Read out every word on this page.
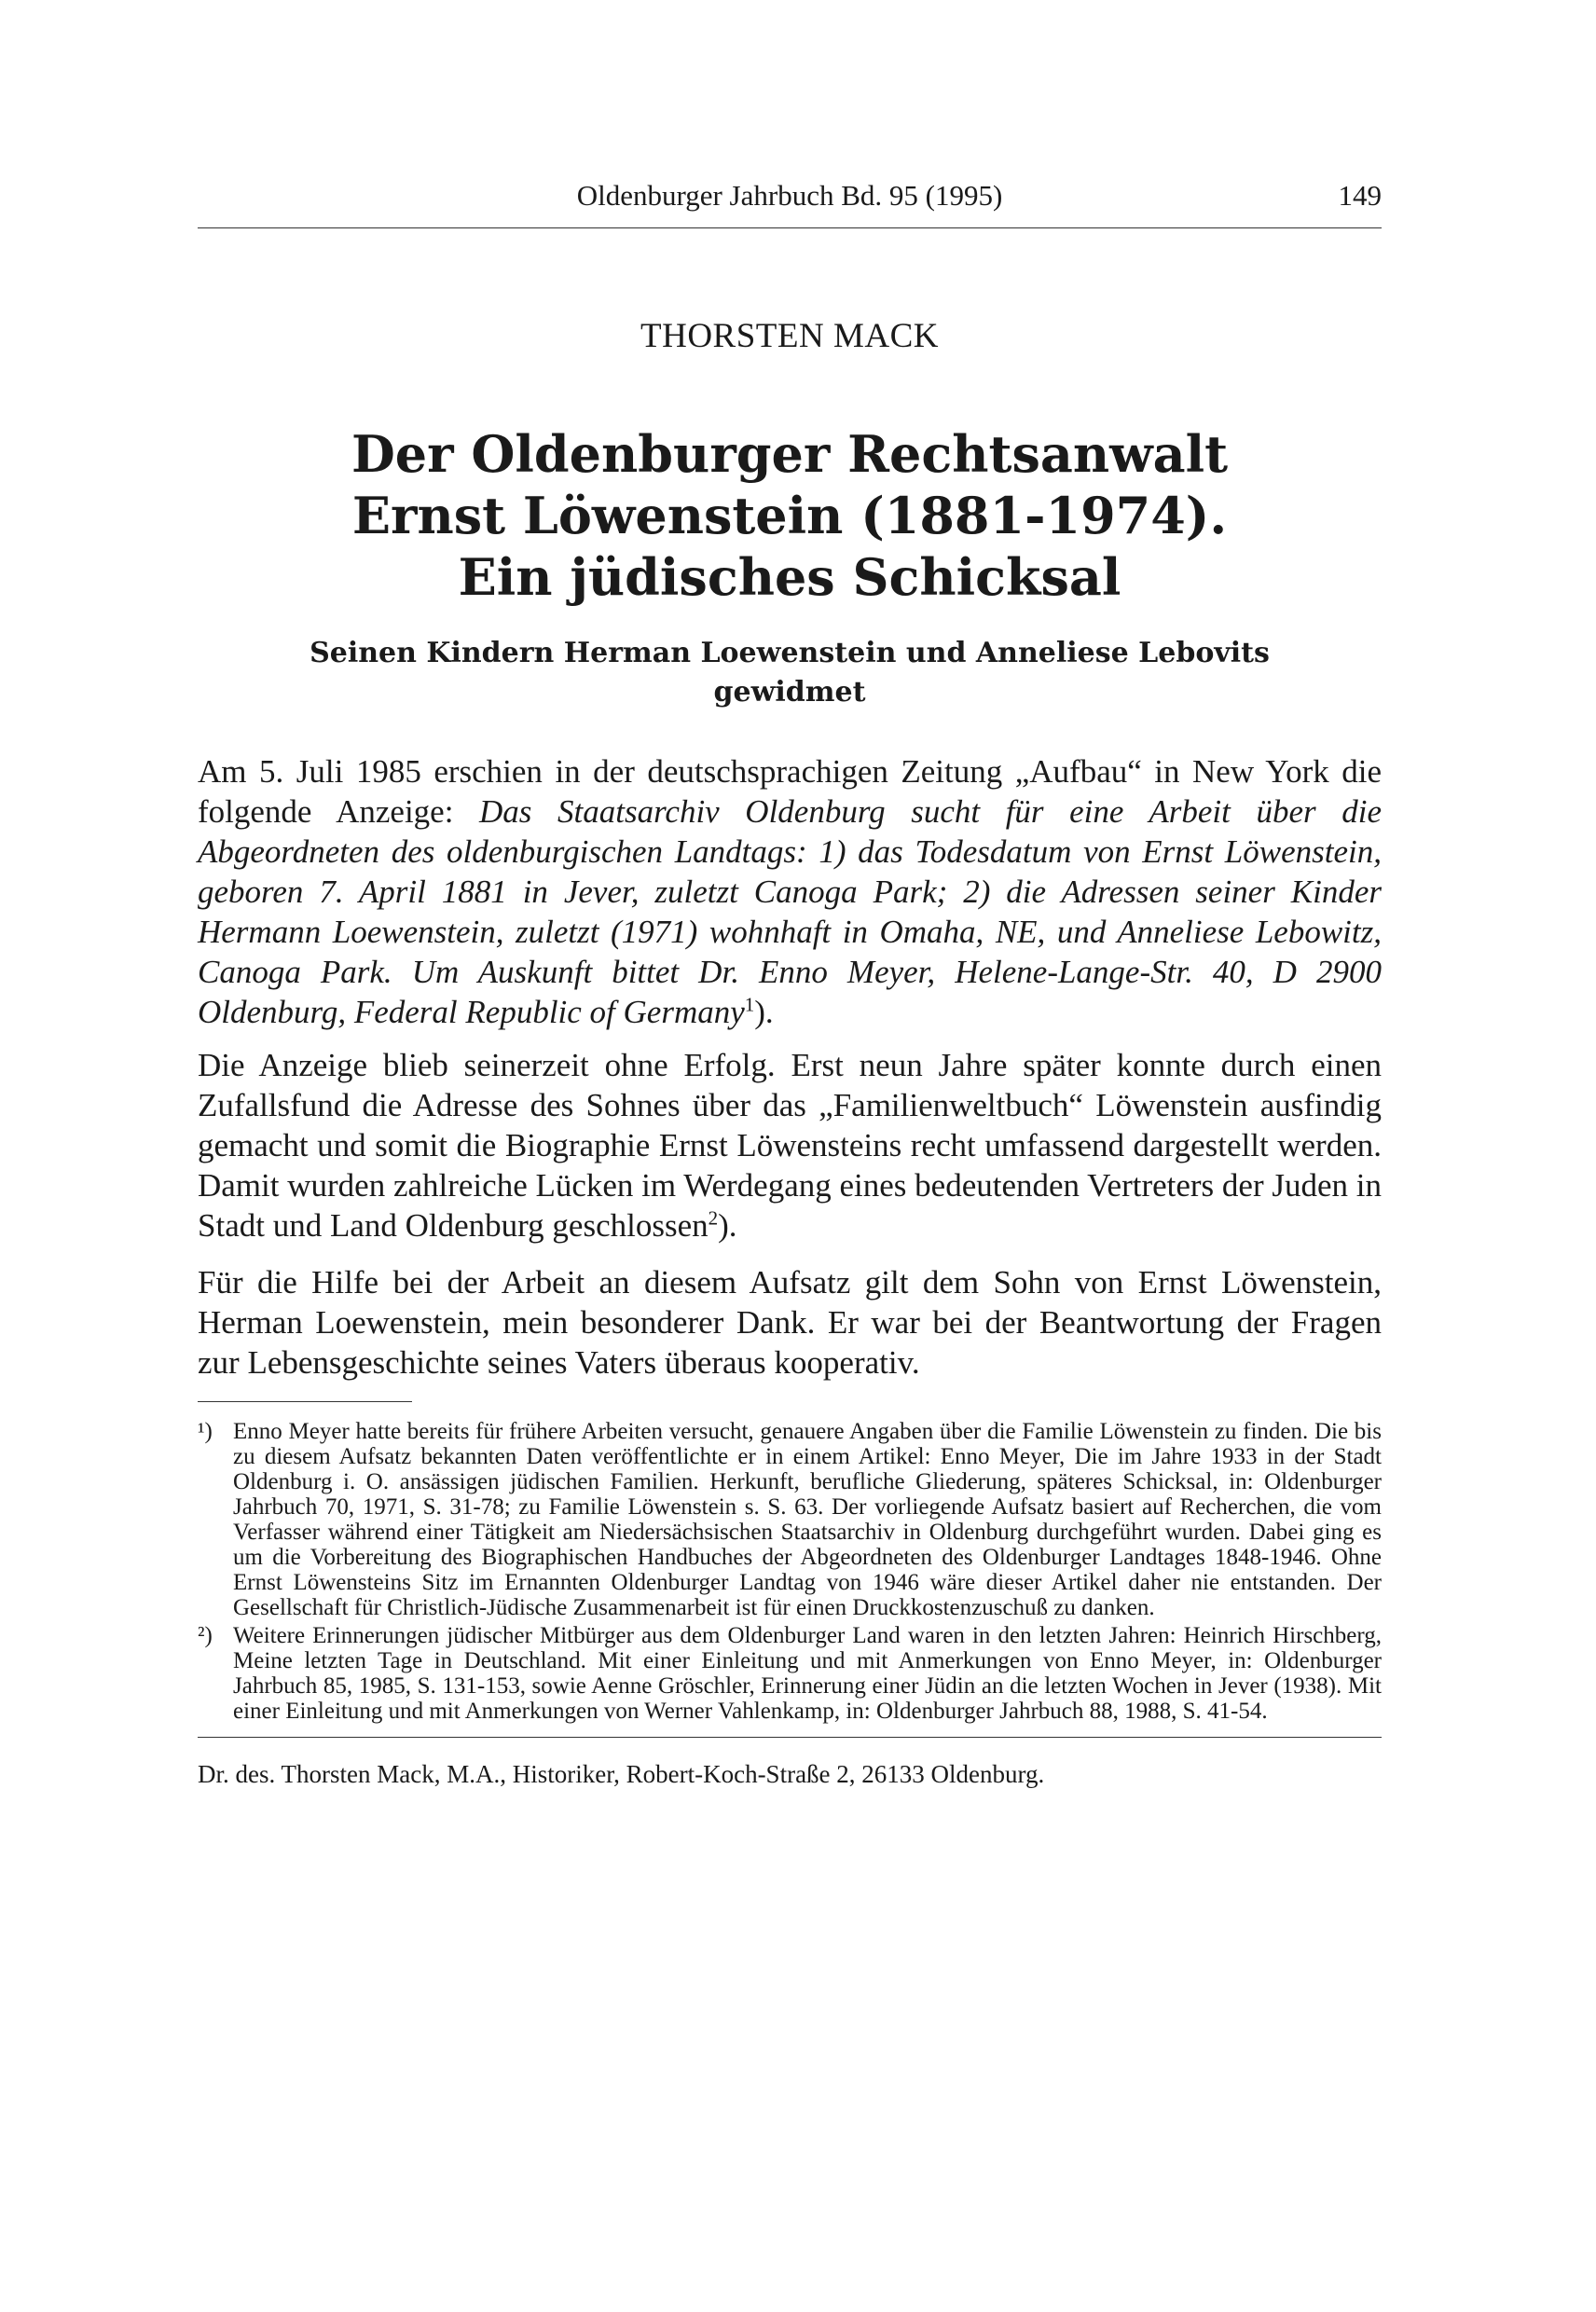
Oldenburger Jahrbuch Bd. 95 (1995)	149
THORSTEN MACK
Der Oldenburger Rechtsanwalt
Ernst Löwenstein (1881-1974).
Ein jüdisches Schicksal
Seinen Kindern Herman Loewenstein und Anneliese Lebovits
gewidmet

Am 5. Juli 1985 erschien in der deutschsprachigen Zeitung „Aufbau“ in New York die folgende Anzeige: Das Staatsarchiv Oldenburg sucht für eine Arbeit über die Abgeordneten des oldenburgischen Landtags: 1) das Todesdatum von Ernst Löwenstein, geboren 7. April 1881 in Jever, zuletzt Canoga Park; 2) die Adressen seiner Kinder Hermann Loewenstein, zuletzt (1971) wohnhaft in Omaha, NE, und Anneliese Lebowitz, Canoga Park. Um Auskunft bittet Dr. Enno Meyer, Helene-Lange-Str. 40, D 2900 Oldenburg, Federal Republic of Germany$^1$).

Die Anzeige blieb seinerzeit ohne Erfolg. Erst neun Jahre später konnte durch einen Zufallsfund die Adresse des Sohnes über das „Familienweltbuch“ Löwenstein ausfindig gemacht und somit die Biographie Ernst Löwensteins recht umfassend dargestellt werden. Damit wurden zahlreiche Lücken im Werdegang eines bedeutenden Vertreters der Juden in Stadt und Land Oldenburg geschlossen$^2$).

Für die Hilfe bei der Arbeit an diesem Aufsatz gilt dem Sohn von Ernst Löwenstein, Herman Loewenstein, mein besonderer Dank. Er war bei der Beantwortung der Fragen zur Lebensgeschichte seines Vaters überaus kooperativ.

¹) Enno Meyer hatte bereits für frühere Arbeiten versucht, genauere Angaben über die Familie Löwenstein zu finden. Die bis zu diesem Aufsatz bekannten Daten veröffentlichte er in einem Artikel: Enno Meyer, Die im Jahre 1933 in der Stadt Oldenburg i. O. ansässigen jüdischen Familien. Herkunft, berufliche Gliederung, späteres Schicksal, in: Oldenburger Jahrbuch 70, 1971, S. 31-78; zu Familie Löwenstein s. S. 63. Der vorliegende Aufsatz basiert auf Recherchen, die vom Verfasser während einer Tätigkeit am Niedersächsischen Staatsarchiv in Oldenburg durchgeführt wurden. Dabei ging es um die Vorbereitung des Biographischen Handbuches der Abgeordneten des Oldenburger Landtages 1848-1946. Ohne Ernst Löwensteins Sitz im Ernannten Oldenburger Landtag von 1946 wäre dieser Artikel daher nie entstanden. Der Gesellschaft für Christlich-Jüdische Zusammenarbeit ist für einen Druckkostenzuschuß zu danken.
²) Weitere Erinnerungen jüdischer Mitbürger aus dem Oldenburger Land waren in den letzten Jahren: Heinrich Hirschberg, Meine letzten Tage in Deutschland. Mit einer Einleitung und mit Anmerkungen von Enno Meyer, in: Oldenburger Jahrbuch 85, 1985, S. 131-153, sowie Aenne Gröschler, Erinnerung einer Jüdin an die letzten Wochen in Jever (1938). Mit einer Einleitung und mit Anmerkungen von Werner Vahlenkamp, in: Oldenburger Jahrbuch 88, 1988, S. 41-54.
Dr. des. Thorsten Mack, M.A., Historiker, Robert-Koch-Straße 2, 26133 Oldenburg.
